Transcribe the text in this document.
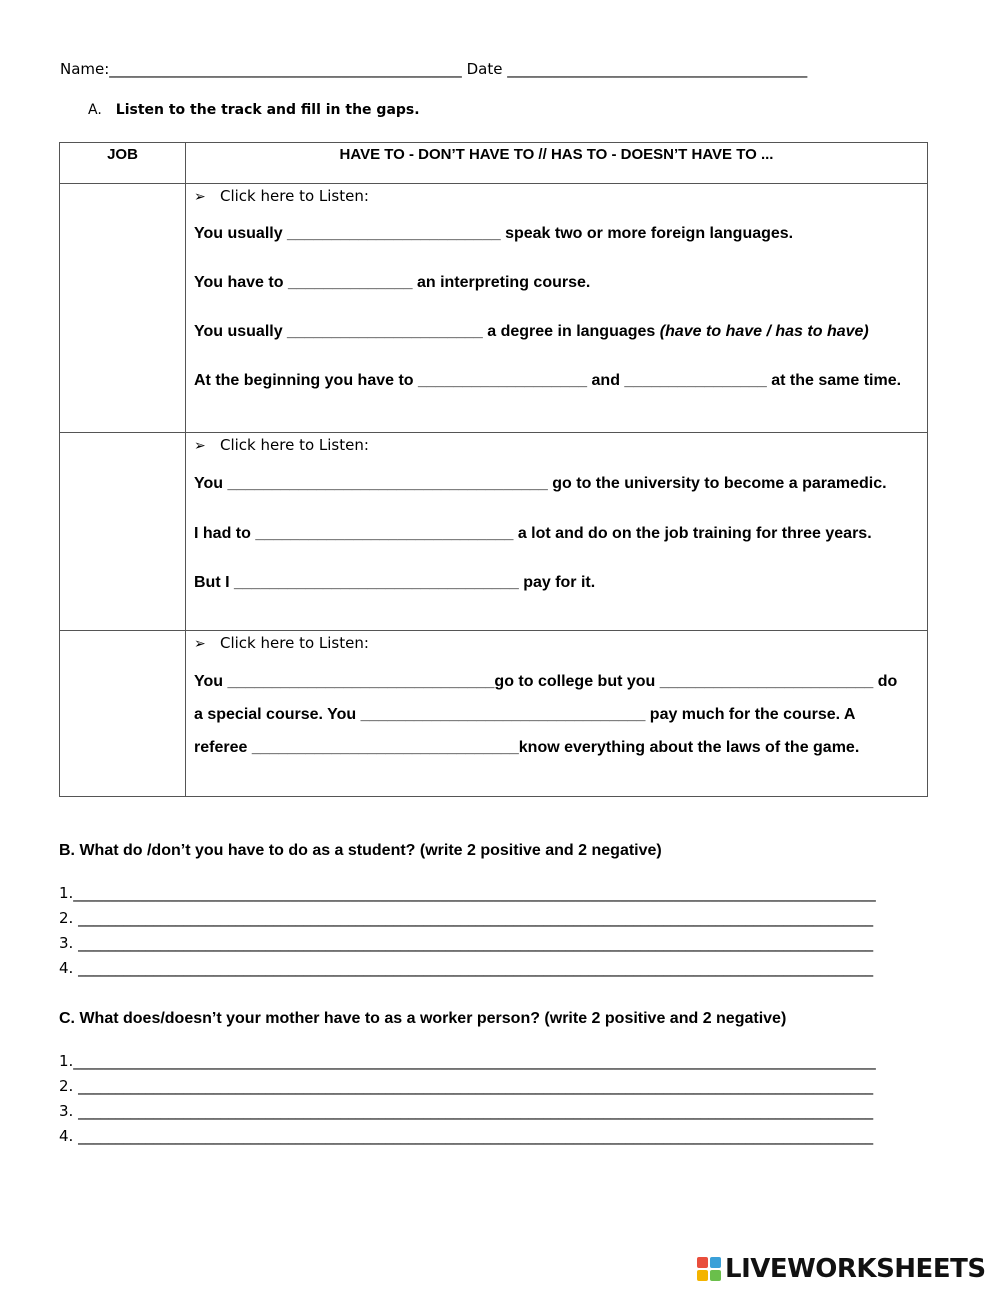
Name:_______________________________________________ Date ________________________________________
A. Listen to the track and fill in the gaps.
JOB	HAVE TO - DON’T HAVE TO // HAS TO - DOESN’T HAVE TO ...

	➢ Click here to Listen:
You usually ________________________ speak two or more foreign languages.
You have to ______________ an interpreting course.
You usually ______________________ a degree in languages (have to have / has to have)
At the beginning you have to ___________________ and ________________ at the same time.

	➢ Click here to Listen:
You ____________________________________ go to the university to become a paramedic.
I had to _____________________________ a lot and do on the job training for three years.
But I ________________________________ pay for it.

	➢ Click here to Listen:
You ______________________________go to college but you ________________________ do
a special course. You ________________________________ pay much for the course. A
referee ______________________________know everything about the laws of the game.
B. What do /don’t you have to do as a student? (write 2 positive and 2 negative)
1.___________________________________________________________________________________________________________
2. __________________________________________________________________________________________________________
3. __________________________________________________________________________________________________________
4. __________________________________________________________________________________________________________
C. What does/doesn’t your mother have to as a worker person? (write 2 positive and 2 negative)
1.___________________________________________________________________________________________________________
2. __________________________________________________________________________________________________________
3. __________________________________________________________________________________________________________
4. __________________________________________________________________________________________________________
LIVEWORKSHEETS
